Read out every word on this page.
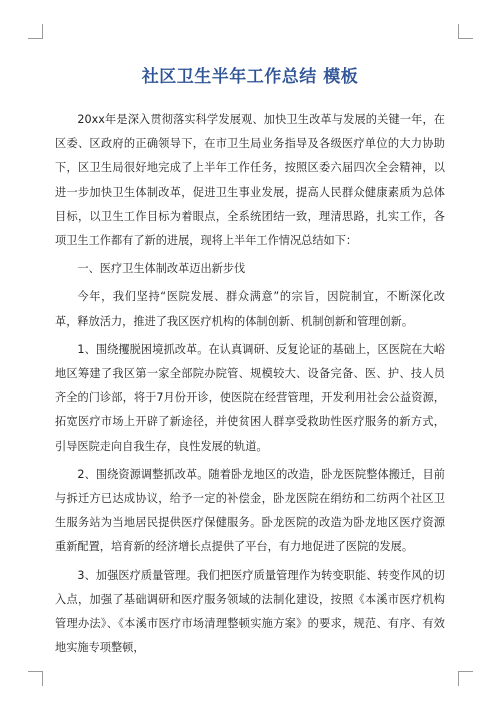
社区卫生半年工作总结 模板

20xx年是深入贯彻落实科学发展观、加快卫生改革与发展的关键一年，在区委、区政府的正确领导下，在市卫生局业务指导及各级医疗单位的大力协助下，区卫生局很好地完成了上半年工作任务，按照区委六届四次全会精神，以进一步加快卫生体制改革，促进卫生事业发展，提高人民群众健康素质为总体目标，以卫生工作目标为着眼点，全系统团结一致，理清思路，扎实工作，各项卫生工作都有了新的进展，现将上半年工作情况总结如下：

一、医疗卫生体制改革迈出新步伐

今年，我们坚持“医院发展、群众满意”的宗旨，因院制宜，不断深化改革，释放活力，推进了我区医疗机构的体制创新、机制创新和管理创新。

1、围绕攫脱困境抓改革。在认真调研、反复论证的基础上，区医院在大峪地区筹建了我区第一家全部院办院管、规模较大、设备完备、医、护、技人员齐全的门诊部，将于7月份开诊，使医院在经营管理，开发利用社会公益资源，拓宽医疗市场上开辟了新途径，并使贫困人群享受救助性医疗服务的新方式，引导医院走向自我生存，良性发展的轨道。

2、围绕资源调整抓改革。随着卧龙地区的改造，卧龙医院整体搬迁，目前与拆迁方已达成协议，给予一定的补偿金，卧龙医院在绢纺和二纺两个社区卫生服务站为当地居民提供医疗保健服务。卧龙医院的改造为卧龙地区医疗资源重新配置，培育新的经济增长点提供了平台，有力地促进了医院的发展。

3、加强医疗质量管理。我们把医疗质量管理作为转变职能、转变作风的切入点，加强了基础调研和医疗服务领域的法制化建设，按照《本溪市医疗机构管理办法》、《本溪市医疗市场清理整顿实施方案》的要求，规范、有序、有效地实施专项整顿，
